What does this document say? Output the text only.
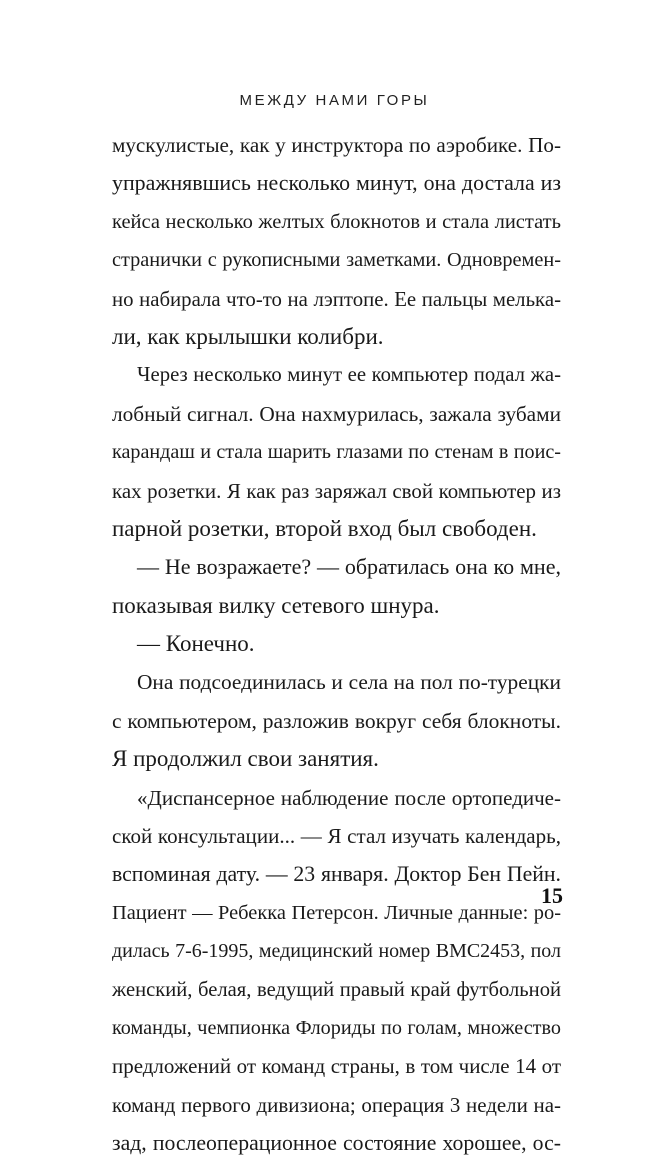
МЕЖДУ НАМИ ГОРЫ
мускулистые, как у инструктора по аэробике. По-
упражнявшись несколько минут, она достала из
кейса несколько желтых блокнотов и стала листать
странички с рукописными заметками. Одновремен-
но набирала что-то на лэптопе. Ее пальцы мелька-
ли, как крылышки колибри.
Через несколько минут ее компьютер подал жа-
лобный сигнал. Она нахмурилась, зажала зубами
карандаш и стала шарить глазами по стенам в поис-
ках розетки. Я как раз заряжал свой компьютер из
парной розетки, второй вход был свободен.
— Не возражаете? — обратилась она ко мне,
показывая вилку сетевого шнура.
— Конечно.
Она подсоединилась и села на пол по-турецки
с компьютером, разложив вокруг себя блокноты.
Я продолжил свои занятия.
«Диспансерное наблюдение после ортопедиче-
ской консультации... — Я стал изучать календарь,
вспоминая дату. — 23 января. Доктор Бен Пейн.
Пациент — Ребекка Петерсон. Личные данные: ро-
дилась 7-6-1995, медицинский номер BMC2453, пол
женский, белая, ведущий правый край футбольной
команды, чемпионка Флориды по голам, множество
предложений от команд страны, в том числе 14 от
команд первого дивизиона; операция 3 недели на-
зад, послеоперационное состояние хорошее, ос-
15
